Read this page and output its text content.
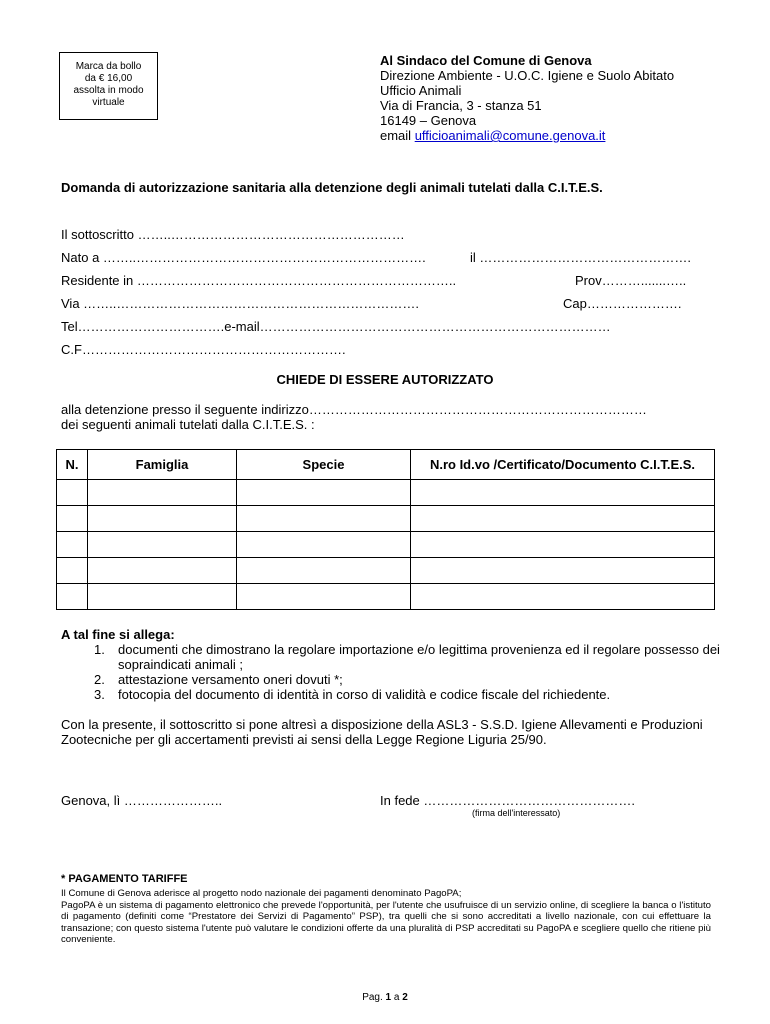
Marca da bollo
da € 16,00
assolta in modo
virtuale
Al Sindaco del Comune di Genova
Direzione Ambiente - U.O.C. Igiene e Suolo Abitato
Ufficio Animali
Via di Francia, 3 - stanza 51
16149 – Genova
email ufficioanimali@comune.genova.it
Domanda di autorizzazione sanitaria alla detenzione degli animali tutelati dalla C.I.T.E.S.
Il sottoscritto ……..………………………………………………
Nato a ……..………………………………………………………….	il ………………………………………….
Residente in ………………………………………………………………..	Prov……….......…..
Via ……..…………………………………………………………….	Cap………………….
Tel…………………………….e-mail………………………………………………………………………
C.F…………………………………………………….
CHIEDE DI ESSERE AUTORIZZATO
alla detenzione presso il seguente indirizzo……………………………………………………………………
dei seguenti animali tutelati dalla C.I.T.E.S. :
N.	Famiglia	Specie	N.ro Id.vo /Certificato/Documento C.I.T.E.S.

A tal fine si allega:
1. documenti che dimostrano la regolare importazione e/o legittima provenienza ed il regolare possesso dei sopraindicati animali ;
2. attestazione versamento oneri dovuti *;
3. fotocopia del documento di identità in corso di validità e codice fiscale del richiedente.
Con la presente, il sottoscritto si pone altresì a disposizione della ASL3 - S.S.D. Igiene Allevamenti e Produzioni Zootecniche per gli accertamenti previsti ai sensi della Legge Regione Liguria 25/90.
Genova, lì …………………..	In fede ………………………………………….
(firma dell'interessato)
* PAGAMENTO TARIFFE
Il Comune di Genova aderisce al progetto nodo nazionale dei pagamenti denominato PagoPA;
PagoPA è un sistema di pagamento elettronico che prevede l'opportunità, per l'utente che usufruisce di un servizio online, di scegliere la banca o l'istituto di pagamento (definiti come “Prestatore dei Servizi di Pagamento” PSP), tra quelli che si sono accreditati a livello nazionale, con cui effettuare la transazione; con questo sistema l'utente può valutare le condizioni offerte da una pluralità di PSP accreditati su PagoPA e scegliere quello che ritiene più conveniente.
Pag. 1 a 2
